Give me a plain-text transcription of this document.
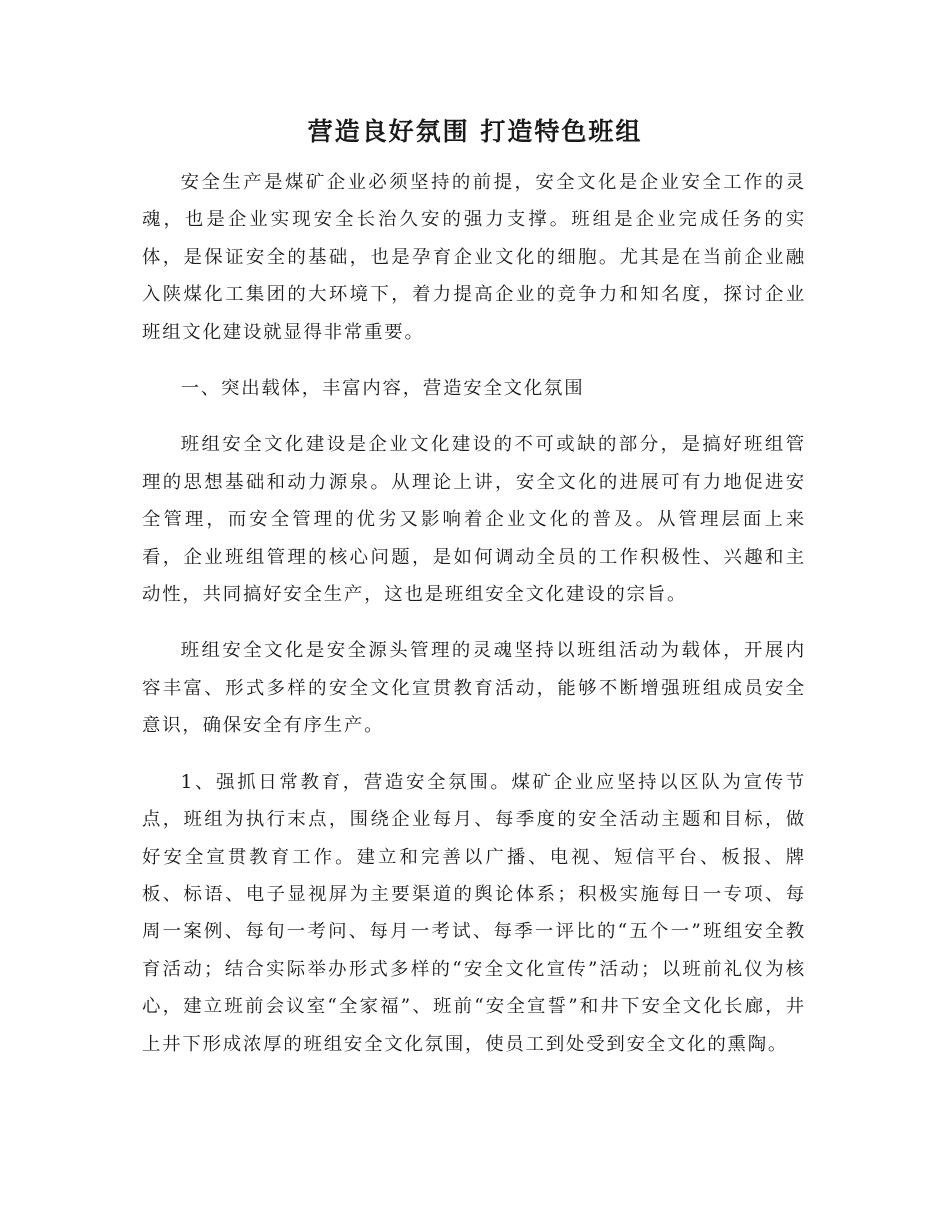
营造良好氛围 打造特色班组

安全生产是煤矿企业必须坚持的前提，安全文化是企业安全工作的灵魂，也是企业实现安全长治久安的强力支撑。班组是企业完成任务的实体，是保证安全的基础，也是孕育企业文化的细胞。尤其是在当前企业融入陕煤化工集团的大环境下，着力提高企业的竞争力和知名度，探讨企业班组文化建设就显得非常重要。

一、突出载体，丰富内容，营造安全文化氛围

班组安全文化建设是企业文化建设的不可或缺的部分，是搞好班组管理的思想基础和动力源泉。从理论上讲，安全文化的进展可有力地促进安全管理，而安全管理的优劣又影响着企业文化的普及。从管理层面上来看，企业班组管理的核心问题，是如何调动全员的工作积极性、兴趣和主动性，共同搞好安全生产，这也是班组安全文化建设的宗旨。

班组安全文化是安全源头管理的灵魂坚持以班组活动为载体，开展内容丰富、形式多样的安全文化宣贯教育活动，能够不断增强班组成员安全意识，确保安全有序生产。

1、强抓日常教育，营造安全氛围。煤矿企业应坚持以区队为宣传节点，班组为执行末点，围绕企业每月、每季度的安全活动主题和目标，做好安全宣贯教育工作。建立和完善以广播、电视、短信平台、板报、牌板、标语、电子显视屏为主要渠道的舆论体系；积极实施每日一专项、每周一案例、每旬一考问、每月一考试、每季一评比的“五个一”班组安全教育活动；结合实际举办形式多样的“安全文化宣传”活动；以班前礼仪为核心，建立班前会议室“全家福”、班前“安全宣誓”和井下安全文化长廊，井上井下形成浓厚的班组安全文化氛围，使员工到处受到安全文化的熏陶。
